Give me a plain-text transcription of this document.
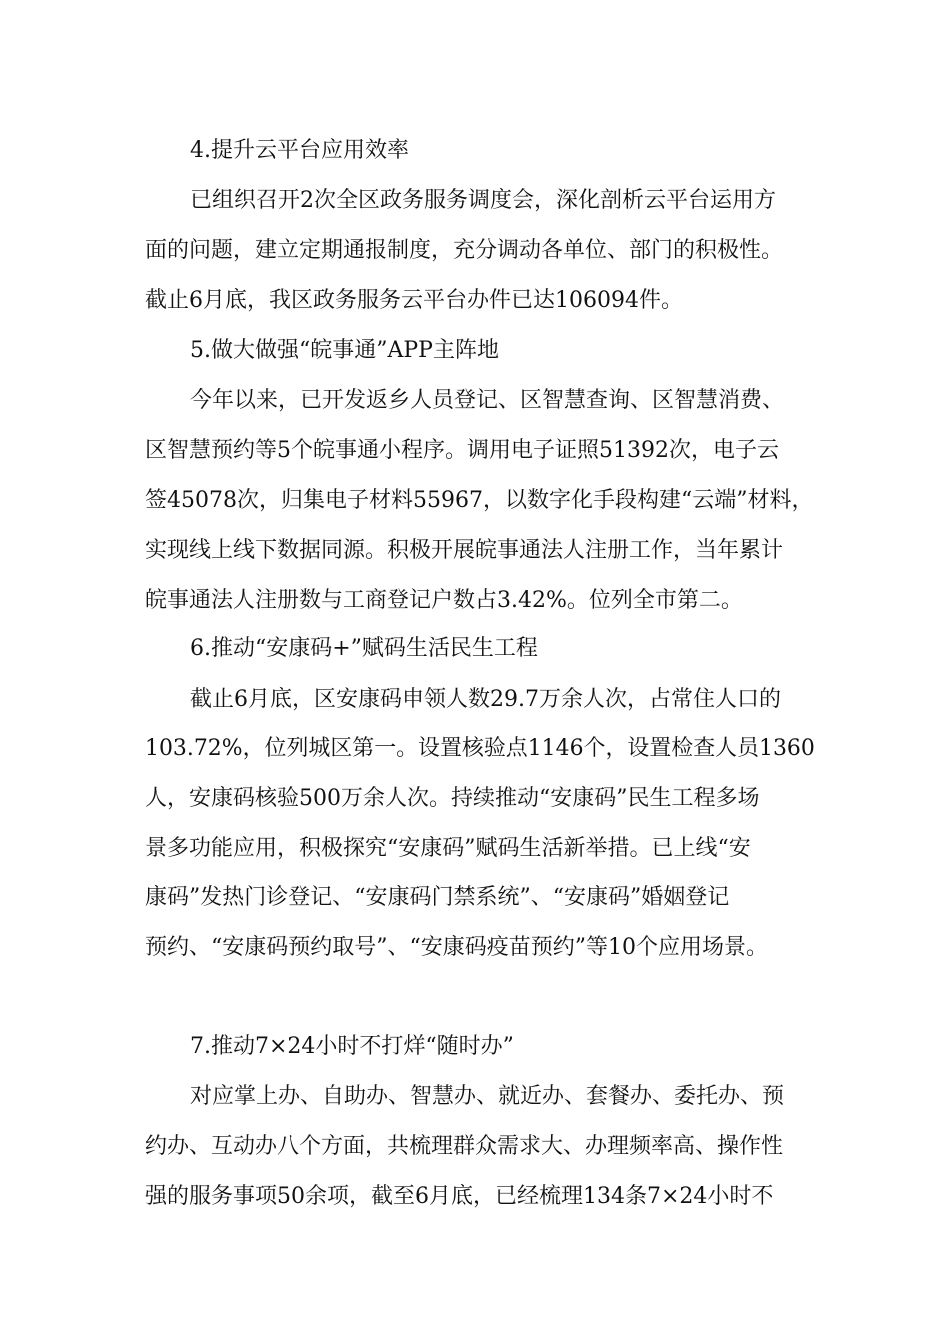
4.提升云平台应用效率
已组织召开2次全区政务服务调度会，深化剖析云平台运用方
面的问题，建立定期通报制度，充分调动各单位、部门的积极性。
截止6月底，我区政务服务云平台办件已达106094件。
5.做大做强“皖事通”APP主阵地
今年以来，已开发返乡人员登记、区智慧查询、区智慧消费、
区智慧预约等5个皖事通小程序。调用电子证照51392次，电子云
签45078次，归集电子材料55967，以数字化手段构建“云端”材料，
实现线上线下数据同源。积极开展皖事通法人注册工作，当年累计
皖事通法人注册数与工商登记户数占3.42%。位列全市第二。
6.推动“安康码+”赋码生活民生工程
截止6月底，区安康码申领人数29.7万余人次，占常住人口的
103.72%，位列城区第一。设置核验点1146个，设置检查人员1360
人，安康码核验500万余人次。持续推动“安康码”民生工程多场
景多功能应用，积极探究“安康码”赋码生活新举措。已上线“安
康码”发热门诊登记、“安康码门禁系统”、“安康码”婚姻登记
预约、“安康码预约取号”、“安康码疫苗预约”等10个应用场景。
7.推动7×24小时不打烊“随时办”
对应掌上办、自助办、智慧办、就近办、套餐办、委托办、预
约办、互动办八个方面，共梳理群众需求大、办理频率高、操作性
强的服务事项50余项，截至6月底，已经梳理134条7×24小时不
